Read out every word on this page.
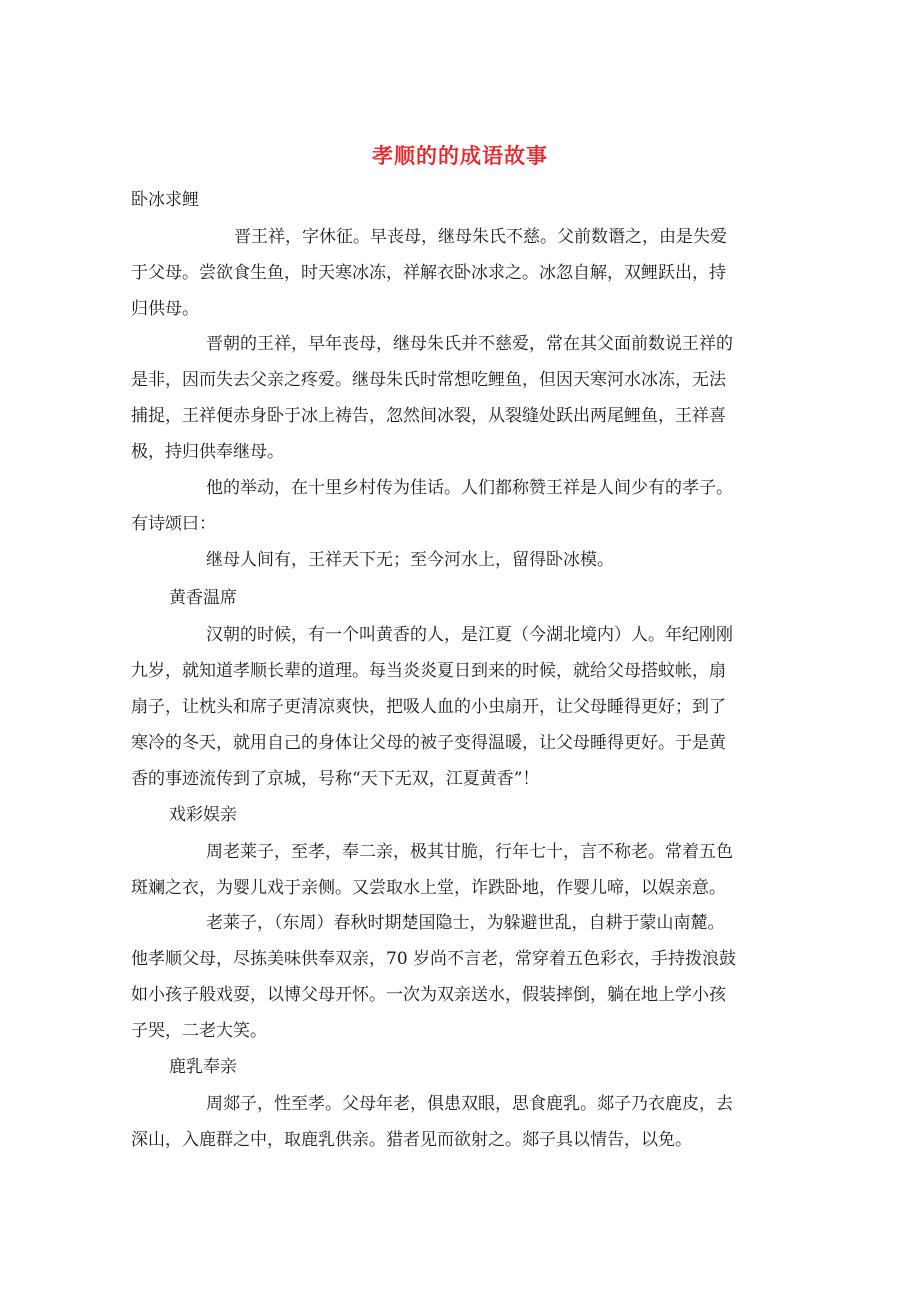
孝顺的的成语故事
卧冰求鲤
晋王祥，字休征。早丧母，继母朱氏不慈。父前数谮之，由是失爱
于父母。尝欲食生鱼，时天寒冰冻，祥解衣卧冰求之。冰忽自解，双鲤跃出，持
归供母。
晋朝的王祥，早年丧母，继母朱氏并不慈爱，常在其父面前数说王祥的
是非，因而失去父亲之疼爱。继母朱氏时常想吃鲤鱼，但因天寒河水冰冻，无法
捕捉，王祥便赤身卧于冰上祷告，忽然间冰裂，从裂缝处跃出两尾鲤鱼，王祥喜
极，持归供奉继母。
他的举动，在十里乡村传为佳话。人们都称赞王祥是人间少有的孝子。
有诗颂曰：
继母人间有，王祥天下无；至今河水上，留得卧冰模。
黄香温席
汉朝的时候，有一个叫黄香的人，是江夏（今湖北境内）人。年纪刚刚
九岁，就知道孝顺长辈的道理。每当炎炎夏日到来的时候，就给父母搭蚊帐，扇
扇子，让枕头和席子更清凉爽快，把吸人血的小虫扇开，让父母睡得更好；到了
寒冷的冬天，就用自己的身体让父母的被子变得温暖，让父母睡得更好。于是黄
香的事迹流传到了京城，号称“天下无双，江夏黄香”！
戏彩娱亲
周老莱子，至孝，奉二亲，极其甘脆，行年七十，言不称老。常着五色
斑斓之衣，为婴儿戏于亲侧。又尝取水上堂，诈跌卧地，作婴儿啼，以娱亲意。
老莱子，（东周）春秋时期楚国隐士，为躲避世乱，自耕于蒙山南麓。
他孝顺父母，尽拣美味供奉双亲，70 岁尚不言老，常穿着五色彩衣，手持拨浪鼓
如小孩子般戏耍，以博父母开怀。一次为双亲送水，假装摔倒，躺在地上学小孩
子哭，二老大笑。
鹿乳奉亲
周郯子，性至孝。父母年老，俱患双眼，思食鹿乳。郯子乃衣鹿皮，去
深山，入鹿群之中，取鹿乳供亲。猎者见而欲射之。郯子具以情告，以免。
